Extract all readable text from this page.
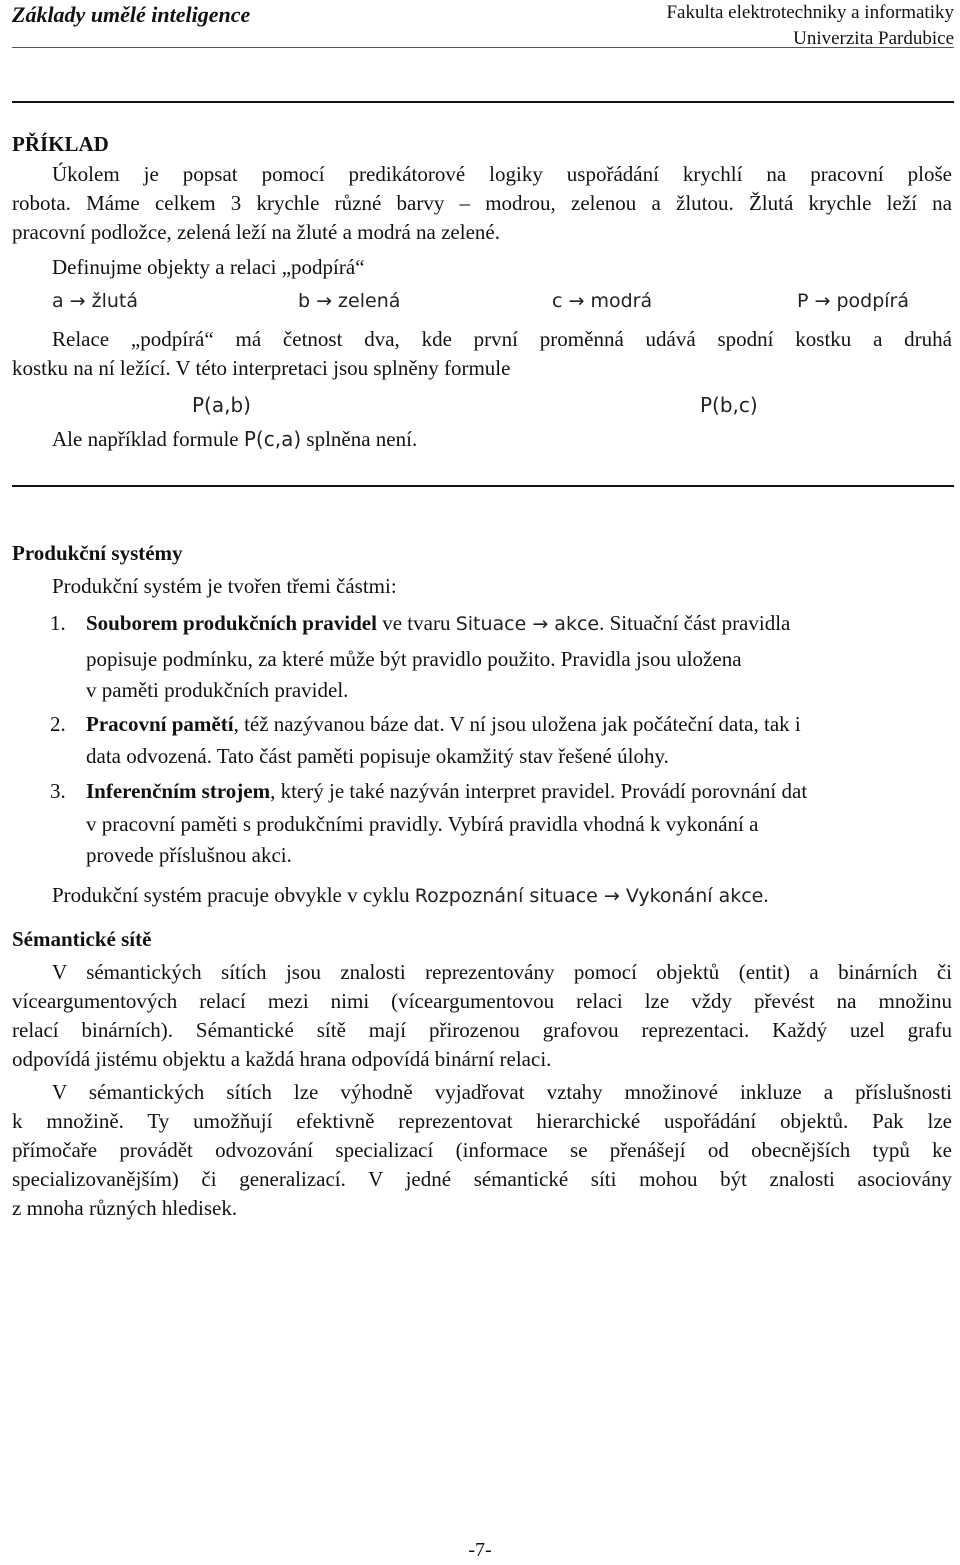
Základy umělé inteligence	Fakulta elektrotechniky a informatiky
Univerzita Pardubice
PŘÍKLAD
Úkolem je popsat pomocí predikátorové logiky uspořádání krychlí na pracovní ploše
robota. Máme celkem 3 krychle různé barvy – modrou, zelenou a žlutou. Žlutá krychle leží na
pracovní podložce, zelená leží na žluté a modrá na zelené.
Definujme objekty a relaci „podpírá“
a → žlutá	b → zelená	c → modrá	P → podpírá
Relace „podpírá“ má četnost dva, kde první proměnná udává spodní kostku a druhá
kostku na ní ležící. V této interpretaci jsou splněny formule
P(a,b)	P(b,c)
Ale například formule P(c,a) splněna není.
Produkční systémy
Produkční systém je tvořen třemi částmi:
1. Souborem produkčních pravidel ve tvaru Situace → akce. Situační část pravidla
popisuje podmínku, za které může být pravidlo použito. Pravidla jsou uložena
v paměti produkčních pravidel.
2. Pracovní pamětí, též nazývanou báze dat. V ní jsou uložena jak počáteční data, tak i
data odvozená. Tato část paměti popisuje okamžitý stav řešené úlohy.
3. Inferenčním strojem, který je také nazýván interpret pravidel. Provádí porovnání dat
v pracovní paměti s produkčními pravidly. Vybírá pravidla vhodná k vykonání a
provede příslušnou akci.
Produkční systém pracuje obvykle v cyklu Rozpoznání situace → Vykonání akce.
Sémantické sítě
V sémantických sítích jsou znalosti reprezentovány pomocí objektů (entit) a binárních či
víceargumentových relací mezi nimi (víceargumentovou relaci lze vždy převést na množinu
relací binárních). Sémantické sítě mají přirozenou grafovou reprezentaci. Každý uzel grafu
odpovídá jistému objektu a každá hrana odpovídá binární relaci.
V sémantických sítích lze výhodně vyjadřovat vztahy množinové inkluze a příslušnosti
k množině. Ty umožňují efektivně reprezentovat hierarchické uspořádání objektů. Pak lze
přímočaře provádět odvozování specializací (informace se přenášejí od obecnějších typů ke
specializovanějším) či generalizací. V jedné sémantické síti mohou být znalosti asociovány
z mnoha různých hledisek.
-7-
